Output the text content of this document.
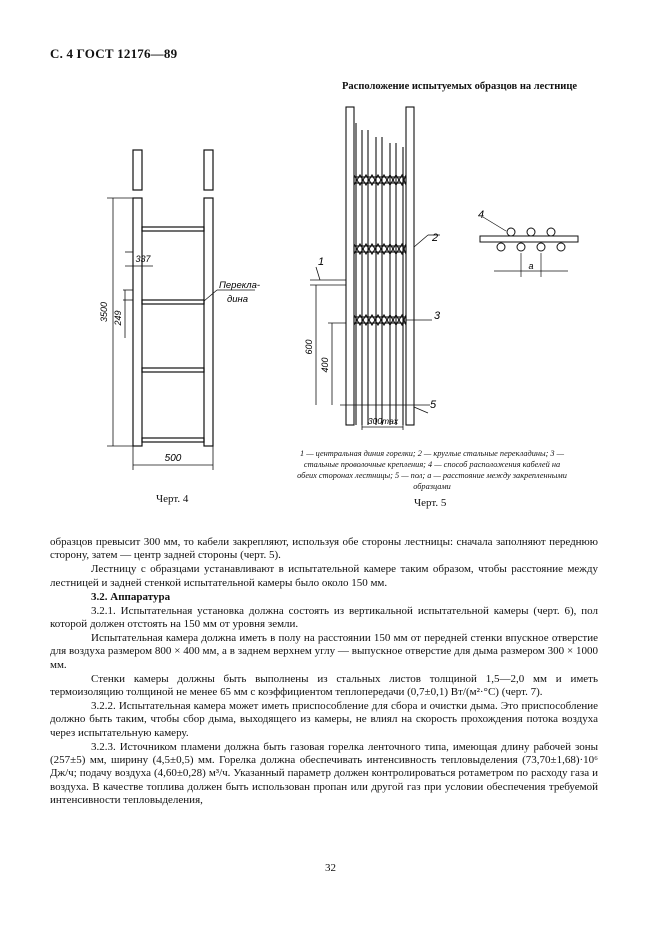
С. 4 ГОСТ 12176—89
Расположение испытуемых образцов на лестнице
3500
337
249
500
Перекла-
дина
Черт. 4
1
2
3
4
5
600
400
300max
a

1 — центральная диния горелки; 2 — круглые стальные перекладины; 3 —

стальные проволочные крепления; 4 — способ расположения кабелей на

обеих сторонах лестницы; 5 — пол; a — расстояние между закрепленными

образцами

Черт. 5

образцов превысит 300 мм, то кабели закрепляют, используя обе стороны лестницы: сначала заполняют переднюю сторону, затем — центр задней стороны (черт. 5).

Лестницу с образцами устанавливают в испытательной камере таким образом, чтобы расстояние между лестницей и задней стенкой испытательной камеры было около 150 мм.

3.2. Аппаратура

3.2.1. Испытательная установка должна состоять из вертикальной испытательной камеры (черт. 6), пол которой должен отстоять на 150 мм от уровня земли.

Испытательная камера должна иметь в полу на расстоянии 150 мм от передней стенки впускное отверстие для воздуха размером 800 × 400 мм, а в заднем верхнем углу — выпускное отверстие для дыма размером 300 × 1000 мм.

Стенки камеры должны быть выполнены из стальных листов толщиной 1,5—2,0 мм и иметь термоизоляцию толщиной не менее 65 мм с коэффициентом теплопередачи (0,7±0,1) Вт/(м²·°С) (черт. 7).

3.2.2. Испытательная камера может иметь приспособление для сбора и очистки дыма. Это приспособление должно быть таким, чтобы сбор дыма, выходящего из камеры, не влиял на скорость прохождения потока воздуха через испытательную камеру.

3.2.3. Источником пламени должна быть газовая горелка ленточного типа, имеющая длину рабочей зоны (257±5) мм, ширину (4,5±0,5) мм. Горелка должна обеспечивать интенсивность тепловыделения (73,70±1,68)·10⁶ Дж/ч; подачу воздуха (4,60±0,28) м³/ч. Указанный параметр должен контролироваться ротаметром по расходу газа и воздуха. В качестве топлива должен быть использован пропан или другой газ при условии обеспечения требуемой интенсивности тепловыделения,

32
